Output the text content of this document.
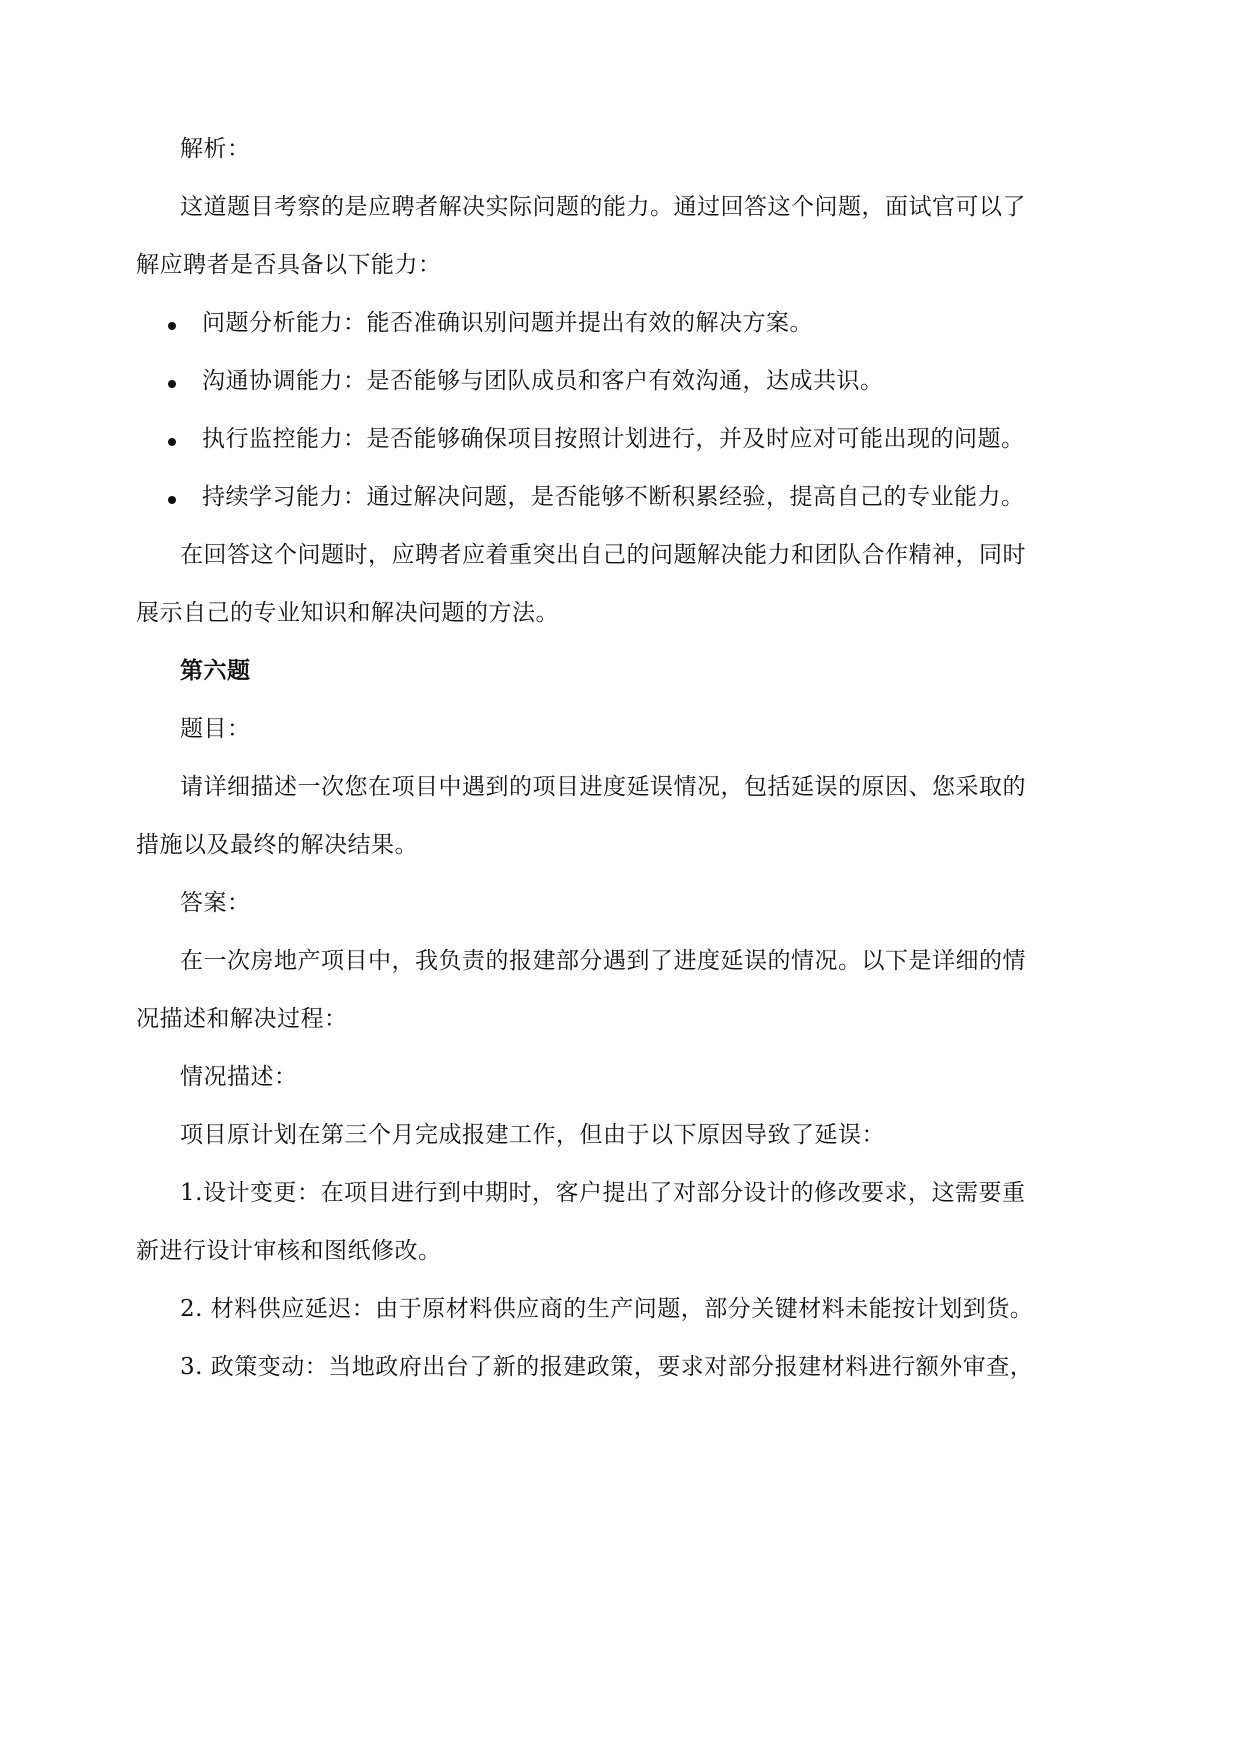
解析：
这道题目考察的是应聘者解决实际问题的能力。通过回答这个问题，面试官可以了
解应聘者是否具备以下能力：
问题分析能力：能否准确识别问题并提出有效的解决方案。
沟通协调能力：是否能够与团队成员和客户有效沟通，达成共识。
执行监控能力：是否能够确保项目按照计划进行，并及时应对可能出现的问题。
持续学习能力：通过解决问题，是否能够不断积累经验，提高自己的专业能力。
在回答这个问题时，应聘者应着重突出自己的问题解决能力和团队合作精神，同时
展示自己的专业知识和解决问题的方法。
第六题
题目：
请详细描述一次您在项目中遇到的项目进度延误情况，包括延误的原因、您采取的
措施以及最终的解决结果。
答案：
在一次房地产项目中，我负责的报建部分遇到了进度延误的情况。以下是详细的情
况描述和解决过程：
情况描述：
项目原计划在第三个月完成报建工作，但由于以下原因导致了延误：
1.设计变更：在项目进行到中期时，客户提出了对部分设计的修改要求，这需要重
新进行设计审核和图纸修改。
2. 材料供应延迟：由于原材料供应商的生产问题，部分关键材料未能按计划到货。
3. 政策变动：当地政府出台了新的报建政策，要求对部分报建材料进行额外审查，
